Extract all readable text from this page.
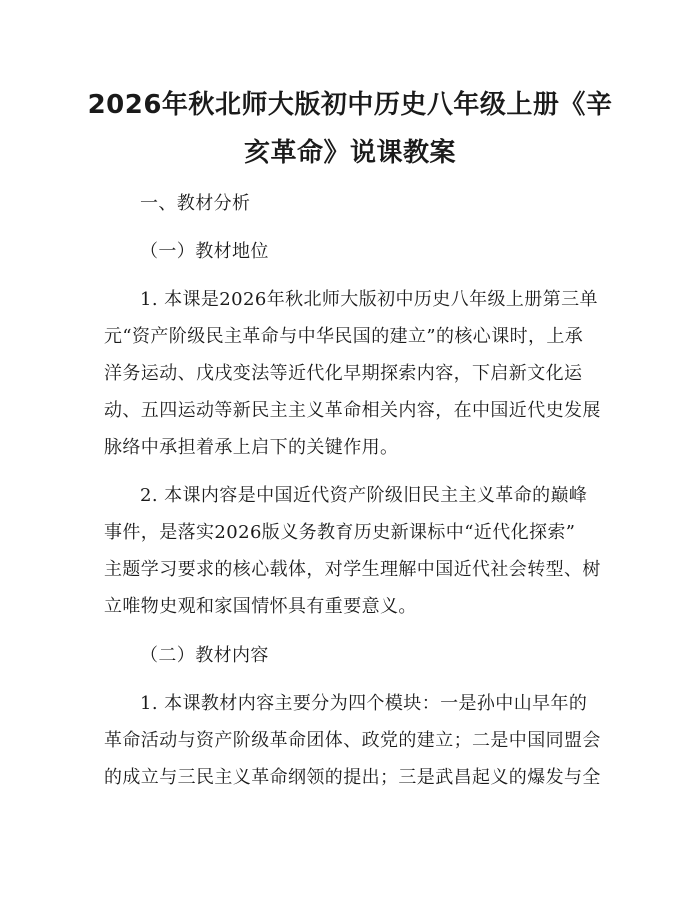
2026年秋北师大版初中历史八年级上册《辛
亥革命》说课教案
一、教材分析
（一）教材地位
1. 本课是2026年秋北师大版初中历史八年级上册第三单
元“资产阶级民主革命与中华民国的建立”的核心课时，上承
洋务运动、戊戌变法等近代化早期探索内容，下启新文化运
动、五四运动等新民主主义革命相关内容，在中国近代史发展
脉络中承担着承上启下的关键作用。
2. 本课内容是中国近代资产阶级旧民主主义革命的巅峰
事件，是落实2026版义务教育历史新课标中“近代化探索”
主题学习要求的核心载体，对学生理解中国近代社会转型、树
立唯物史观和家国情怀具有重要意义。
（二）教材内容
1. 本课教材内容主要分为四个模块：一是孙中山早年的
革命活动与资产阶级革命团体、政党的建立；二是中国同盟会
的成立与三民主义革命纲领的提出；三是武昌起义的爆发与全
